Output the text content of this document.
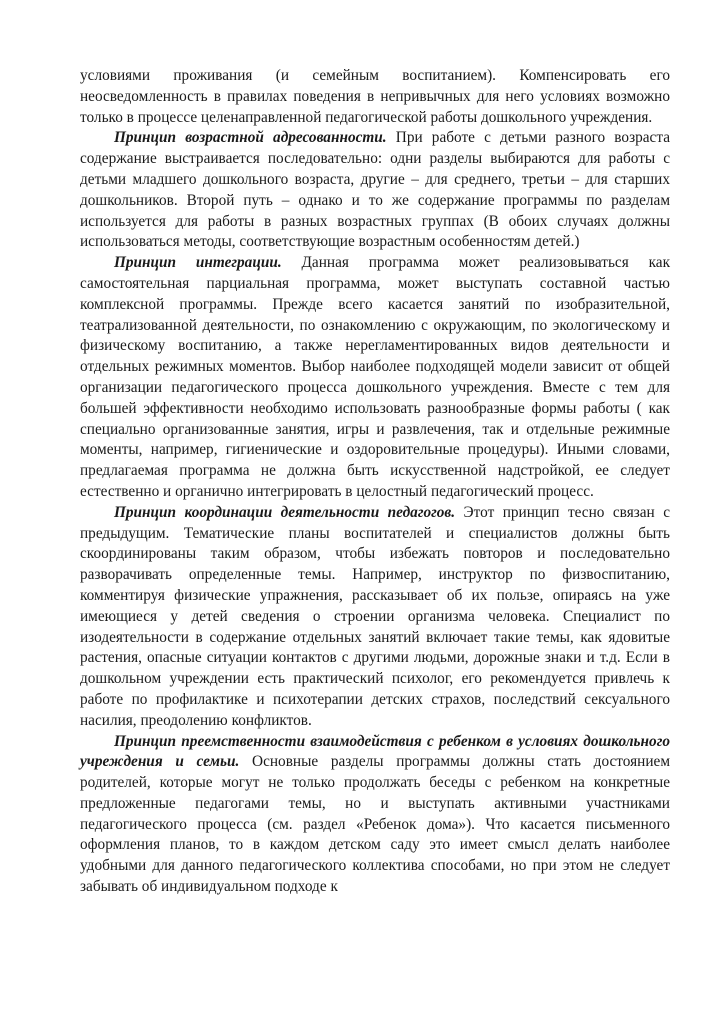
условиями проживания (и семейным воспитанием). Компенсировать его неосведомленность в правилах поведения в непривычных для него условиях возможно только в процессе целенаправленной педагогической работы дошкольного учреждения.

Принцип возрастной адресованности. При работе с детьми разного возраста содержание выстраивается последовательно: одни разделы выбираются для работы с детьми младшего дошкольного возраста, другие – для среднего, третьи – для старших дошкольников. Второй путь – однако и то же содержание программы по разделам используется для работы в разных возрастных группах (В обоих случаях должны использоваться методы, соответствующие возрастным особенностям детей.)

Принцип интеграции. Данная программа может реализовываться как самостоятельная парциальная программа, может выступать составной частью комплексной программы. Прежде всего касается занятий по изобразительной, театрализованной деятельности, по ознакомлению с окружающим, по экологическому и физическому воспитанию, а также нерегламентированных видов деятельности и отдельных режимных моментов. Выбор наиболее подходящей модели зависит от общей организации педагогического процесса дошкольного учреждения. Вместе с тем для большей эффективности необходимо использовать разнообразные формы работы ( как специально организованные занятия, игры и развлечения, так и отдельные режимные моменты, например, гигиенические и оздоровительные процедуры). Иными словами, предлагаемая программа не должна быть искусственной надстройкой, ее следует естественно и органично интегрировать в целостный педагогический процесс.

Принцип координации деятельности педагогов. Этот принцип тесно связан с предыдущим. Тематические планы воспитателей и специалистов должны быть скоординированы таким образом, чтобы избежать повторов и последовательно разворачивать определенные темы. Например, инструктор по физвоспитанию, комментируя физические упражнения, рассказывает об их пользе, опираясь на уже имеющиеся у детей сведения о строении организма человека. Специалист по изодеятельности в содержание отдельных занятий включает такие темы, как ядовитые растения, опасные ситуации контактов с другими людьми, дорожные знаки и т.д. Если в дошкольном учреждении есть практический психолог, его рекомендуется привлечь к работе по профилактике и психотерапии детских страхов, последствий сексуального насилия, преодолению конфликтов.

Принцип преемственности взаимодействия с ребенком в условиях дошкольного учреждения и семьи. Основные разделы программы должны стать достоянием родителей, которые могут не только продолжать беседы с ребенком на конкретные предложенные педагогами темы, но и выступать активными участниками педагогического процесса (см. раздел «Ребенок дома»). Что касается письменного оформления планов, то в каждом детском саду это имеет смысл делать наиболее удобными для данного педагогического коллектива способами, но при этом не следует забывать об индивидуальном подходе к
